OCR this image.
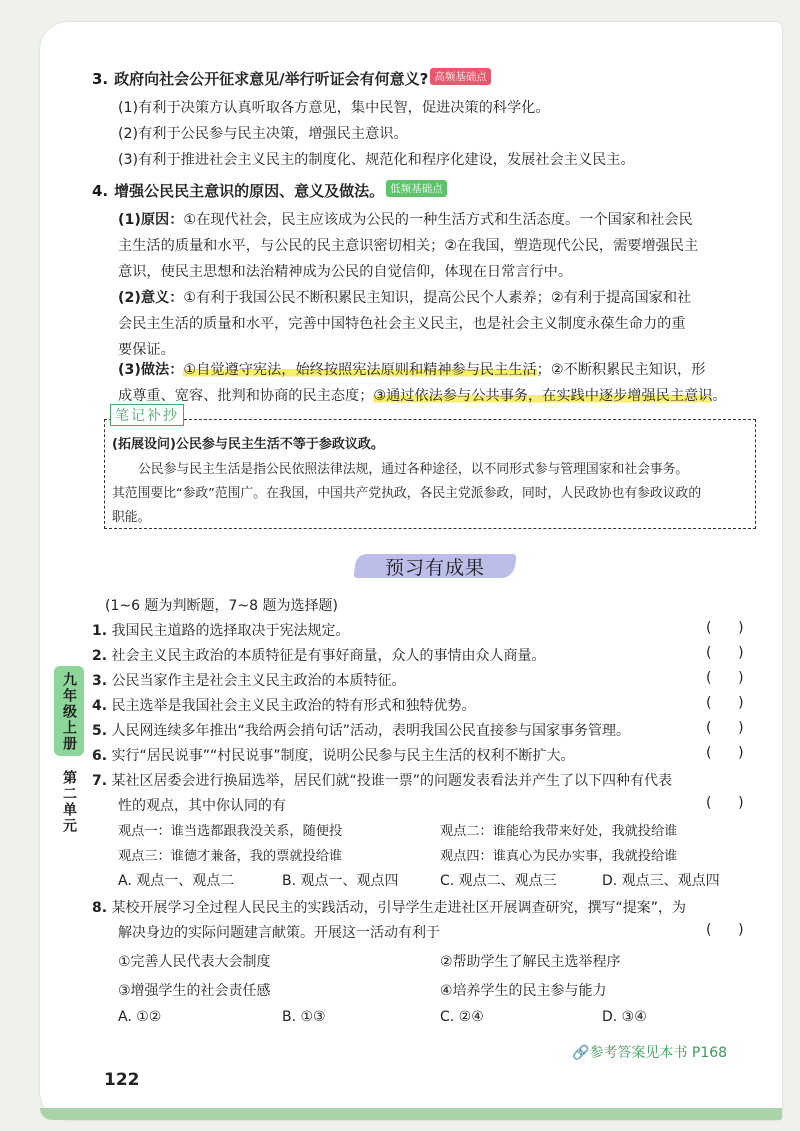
3. 政府向社会公开征求意见/举行听证会有何意义? 高频基础点
(1)有利于决策方认真听取各方意见，集中民智，促进决策的科学化。
(2)有利于公民参与民主决策，增强民主意识。
(3)有利于推进社会主义民主的制度化、规范化和程序化建设，发展社会主义民主。
4. 增强公民民主意识的原因、意义及做法。 低频基础点
(1)原因：①在现代社会，民主应该成为公民的一种生活方式和生活态度。一个国家和社会民
主生活的质量和水平，与公民的民主意识密切相关；②在我国，塑造现代公民，需要增强民主
意识，使民主思想和法治精神成为公民的自觉信仰，体现在日常言行中。
(2)意义：①有利于我国公民不断积累民主知识，提高公民个人素养；②有利于提高国家和社
会民主生活的质量和水平，完善中国特色社会主义民主，也是社会主义制度永葆生命力的重
要保证。
(3)做法：①自觉遵守宪法，始终按照宪法原则和精神参与民主生活；②不断积累民主知识，形
成尊重、宽容、批判和协商的民主态度；③通过依法参与公共事务，在实践中逐步增强民主意识。
笔记补抄
(拓展设问)公民参与民主生活不等于参政议政。
公民参与民主生活是指公民依照法律法规，通过各种途径，以不同形式参与管理国家和社会事务。
其范围要比“参政”范围广。在我国，中国共产党执政，各民主党派参政，同时，人民政协也有参政议政的
职能。
预习有成果
(1~6 题为判断题，7~8 题为选择题)
九年级上册
第二单元
1. 我国民主道路的选择取决于宪法规定。	(      )
2. 社会主义民主政治的本质特征是有事好商量，众人的事情由众人商量。	(      )
3. 公民当家作主是社会主义民主政治的本质特征。	(      )
4. 民主选举是我国社会主义民主政治的特有形式和独特优势。	(      )
5. 人民网连续多年推出“我给两会捎句话”活动，表明我国公民直接参与国家事务管理。	(      )
6. 实行“居民说事”“村民说事”制度，说明公民参与民主生活的权利不断扩大。	(      )
7. 某社区居委会进行换届选举，居民们就“投谁一票”的问题发表看法并产生了以下四种有代表
性的观点，其中你认同的有	(      )
观点一：谁当选都跟我没关系，随便投	观点二：谁能给我带来好处，我就投给谁
观点三：谁德才兼备，我的票就投给谁	观点四：谁真心为民办实事，我就投给谁
A. 观点一、观点二	B. 观点一、观点四	C. 观点二、观点三	D. 观点三、观点四
8. 某校开展学习全过程人民民主的实践活动，引导学生走进社区开展调查研究，撰写“提案”，为
解决身边的实际问题建言献策。开展这一活动有利于	(      )
①完善人民代表大会制度	②帮助学生了解民主选举程序
③增强学生的社会责任感	④培养学生的民主参与能力
A. ①②	B. ①③	C. ②④	D. ③④
🔗参考答案见本书 P168
122
